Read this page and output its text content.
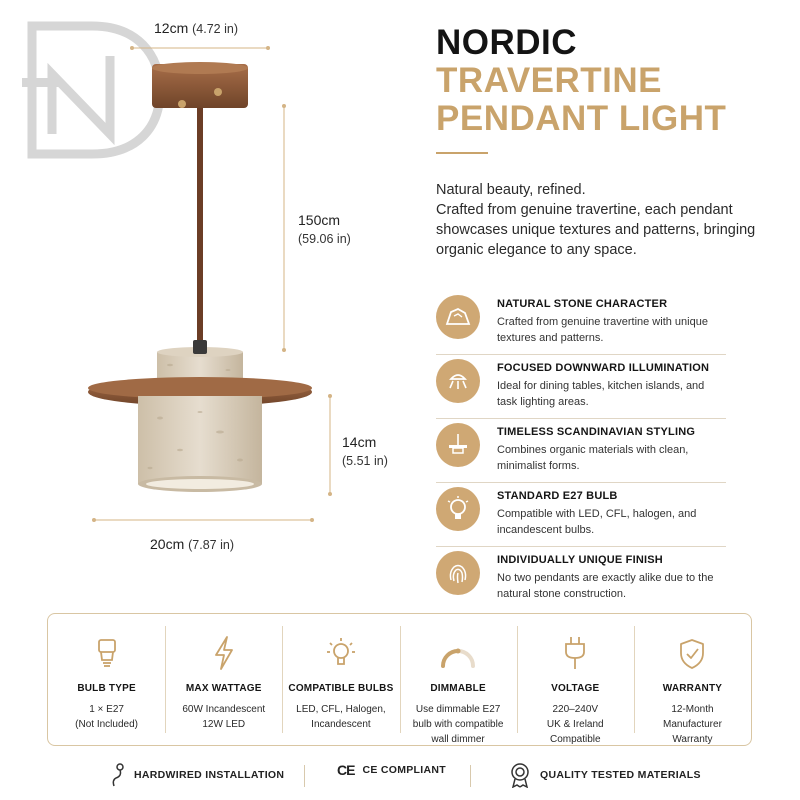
12cm (4.72 in)
150cm
(59.06 in)
14cm
(5.51 in)
20cm (7.87 in)
NORDIC
TRAVERTINE
PENDANT LIGHT

Natural beauty, refined.

Crafted from genuine travertine, each pendant showcases unique textures and patterns, bringing organic elegance to any space.

NATURAL STONE CHARACTER
Crafted from genuine travertine with unique textures and patterns.
FOCUSED DOWNWARD ILLUMINATION
Ideal for dining tables, kitchen islands, and task lighting areas.
TIMELESS SCANDINAVIAN STYLING
Combines organic materials with clean, minimalist forms.
STANDARD E27 BULB
Compatible with LED, CFL, halogen, and incandescent bulbs.
INDIVIDUALLY UNIQUE FINISH
No two pendants are exactly alike due to the natural stone construction.
BULB TYPE
1 × E27
(Not Included)
MAX WATTAGE
60W Incandescent
12W LED
COMPATIBLE BULBS
LED, CFL, Halogen,
Incandescent
DIMMABLE
Use dimmable E27
bulb with compatible
wall dimmer
VOLTAGE
220–240V
UK & Ireland
Compatible
WARRANTY
12-Month
Manufacturer
Warranty
HARDWIRED INSTALLATION	CE CE COMPLIANT	QUALITY TESTED MATERIALS
